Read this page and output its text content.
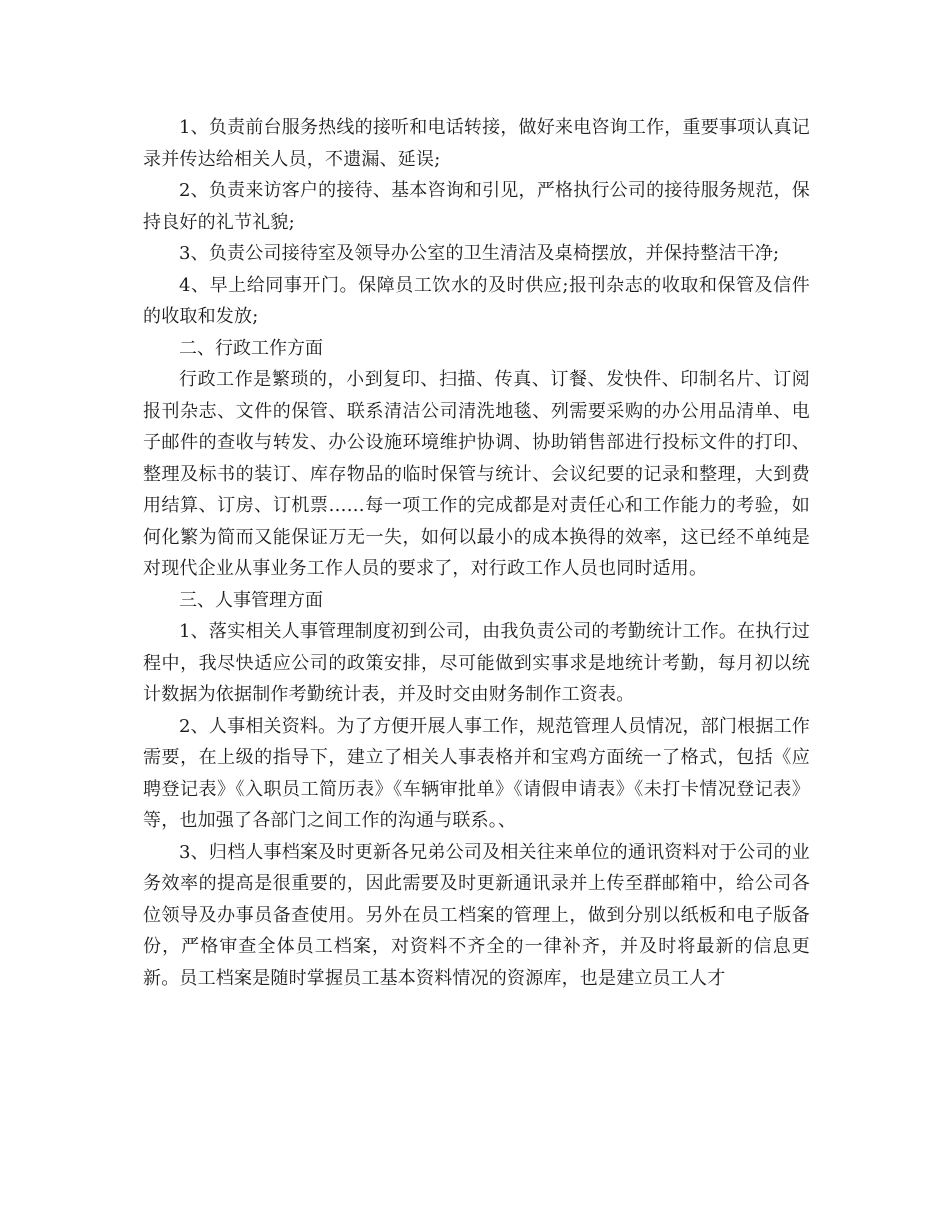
1、负责前台服务热线的接听和电话转接，做好来电咨询工作，重要事项认真记录并传达给相关人员，不遗漏、延误;

2、负责来访客户的接待、基本咨询和引见，严格执行公司的接待服务规范，保持良好的礼节礼貌;

3、负责公司接待室及领导办公室的卫生清洁及桌椅摆放，并保持整洁干净;

4、早上给同事开门。保障员工饮水的及时供应;报刊杂志的收取和保管及信件的收取和发放;

二、行政工作方面

行政工作是繁琐的，小到复印、扫描、传真、订餐、发快件、印制名片、订阅报刊杂志、文件的保管、联系清洁公司清洗地毯、列需要采购的办公用品清单、电子邮件的查收与转发、办公设施环境维护协调、协助销售部进行投标文件的打印、整理及标书的装订、库存物品的临时保管与统计、会议纪要的记录和整理，大到费用结算、订房、订机票……每一项工作的完成都是对责任心和工作能力的考验，如何化繁为简而又能保证万无一失，如何以最小的成本换得的效率，这已经不单纯是对现代企业从事业务工作人员的要求了，对行政工作人员也同时适用。

三、人事管理方面

1、落实相关人事管理制度初到公司，由我负责公司的考勤统计工作。在执行过程中，我尽快适应公司的政策安排，尽可能做到实事求是地统计考勤，每月初以统计数据为依据制作考勤统计表，并及时交由财务制作工资表。

2、人事相关资料。为了方便开展人事工作，规范管理人员情况，部门根据工作需要，在上级的指导下，建立了相关人事表格并和宝鸡方面统一了格式，包括《应聘登记表》《入职员工简历表》《车辆审批单》《请假申请表》《未打卡情况登记表》等，也加强了各部门之间工作的沟通与联系。、

3、归档人事档案及时更新各兄弟公司及相关往来单位的通讯资料对于公司的业务效率的提高是很重要的，因此需要及时更新通讯录并上传至群邮箱中，给公司各位领导及办事员备查使用。另外在员工档案的管理上，做到分别以纸板和电子版备份，严格审查全体员工档案，对资料不齐全的一律补齐，并及时将最新的信息更新。员工档案是随时掌握员工基本资料情况的资源库，也是建立员工人才
